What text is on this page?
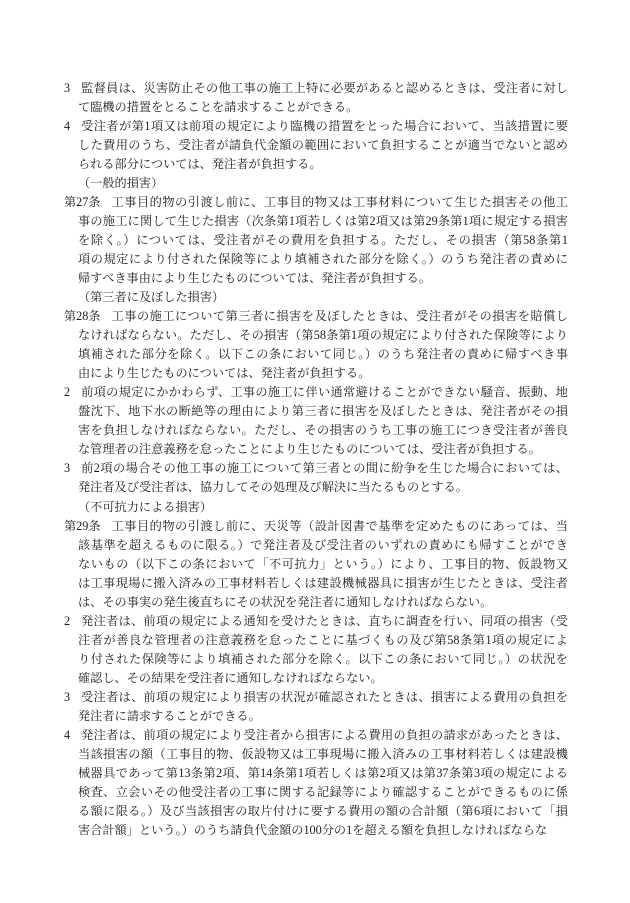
3 監督員は、災害防止その他工事の施工上特に必要があると認めるときは、受注者に対し
て臨機の措置をとることを請求することができる。
4 受注者が第1項又は前項の規定により臨機の措置をとった場合において、当該措置に要
した費用のうち、受注者が請負代金額の範囲において負担することが適当でないと認め
られる部分については、発注者が負担する。
（一般的損害）
第27条 工事目的物の引渡し前に、工事目的物又は工事材料について生じた損害その他工
事の施工に関して生じた損害（次条第1項若しくは第2項又は第29条第1項に規定する損害
を除く。）については、受注者がその費用を負担する。ただし、その損害（第58条第1
項の規定により付された保険等により填補された部分を除く。）のうち発注者の責めに
帰すべき事由により生じたものについては、発注者が負担する。
（第三者に及ぼした損害）
第28条 工事の施工について第三者に損害を及ぼしたときは、受注者がその損害を賠償し
なければならない。ただし、その損害（第58条第1項の規定により付された保険等により
填補された部分を除く。以下この条において同じ。）のうち発注者の責めに帰すべき事
由により生じたものについては、発注者が負担する。
2 前項の規定にかかわらず、工事の施工に伴い通常避けることができない騒音、振動、地
盤沈下、地下水の断絶等の理由により第三者に損害を及ぼしたときは、発注者がその損
害を負担しなければならない。ただし、その損害のうち工事の施工につき受注者が善良
な管理者の注意義務を怠ったことにより生じたものについては、受注者が負担する。
3 前2項の場合その他工事の施工について第三者との間に紛争を生じた場合においては、
発注者及び受注者は、協力してその処理及び解決に当たるものとする。
（不可抗力による損害）
第29条 工事目的物の引渡し前に、天災等（設計図書で基準を定めたものにあっては、当
該基準を超えるものに限る。）で発注者及び受注者のいずれの責めにも帰すことができ
ないもの（以下この条において「不可抗力」という。）により、工事目的物、仮設物又
は工事現場に搬入済みの工事材料若しくは建設機械器具に損害が生じたときは、受注者
は、その事実の発生後直ちにその状況を発注者に通知しなければならない。
2 発注者は、前項の規定による通知を受けたときは、直ちに調査を行い、同項の損害（受
注者が善良な管理者の注意義務を怠ったことに基づくもの及び第58条第1項の規定によ
り付された保険等により填補された部分を除く。以下この条において同じ。）の状況を
確認し、その結果を受注者に通知しなければならない。
3 受注者は、前項の規定により損害の状況が確認されたときは、損害による費用の負担を
発注者に請求することができる。
4 発注者は、前項の規定により受注者から損害による費用の負担の請求があったときは、
当該損害の額（工事目的物、仮設物又は工事現場に搬入済みの工事材料若しくは建設機
械器具であって第13条第2項、第14条第1項若しくは第2項又は第37条第3項の規定による
検査、立会いその他受注者の工事に関する記録等により確認することができるものに係
る額に限る。）及び当該損害の取片付けに要する費用の額の合計額（第6項において「損
害合計額」という。）のうち請負代金額の100分の1を超える額を負担しなければならな
